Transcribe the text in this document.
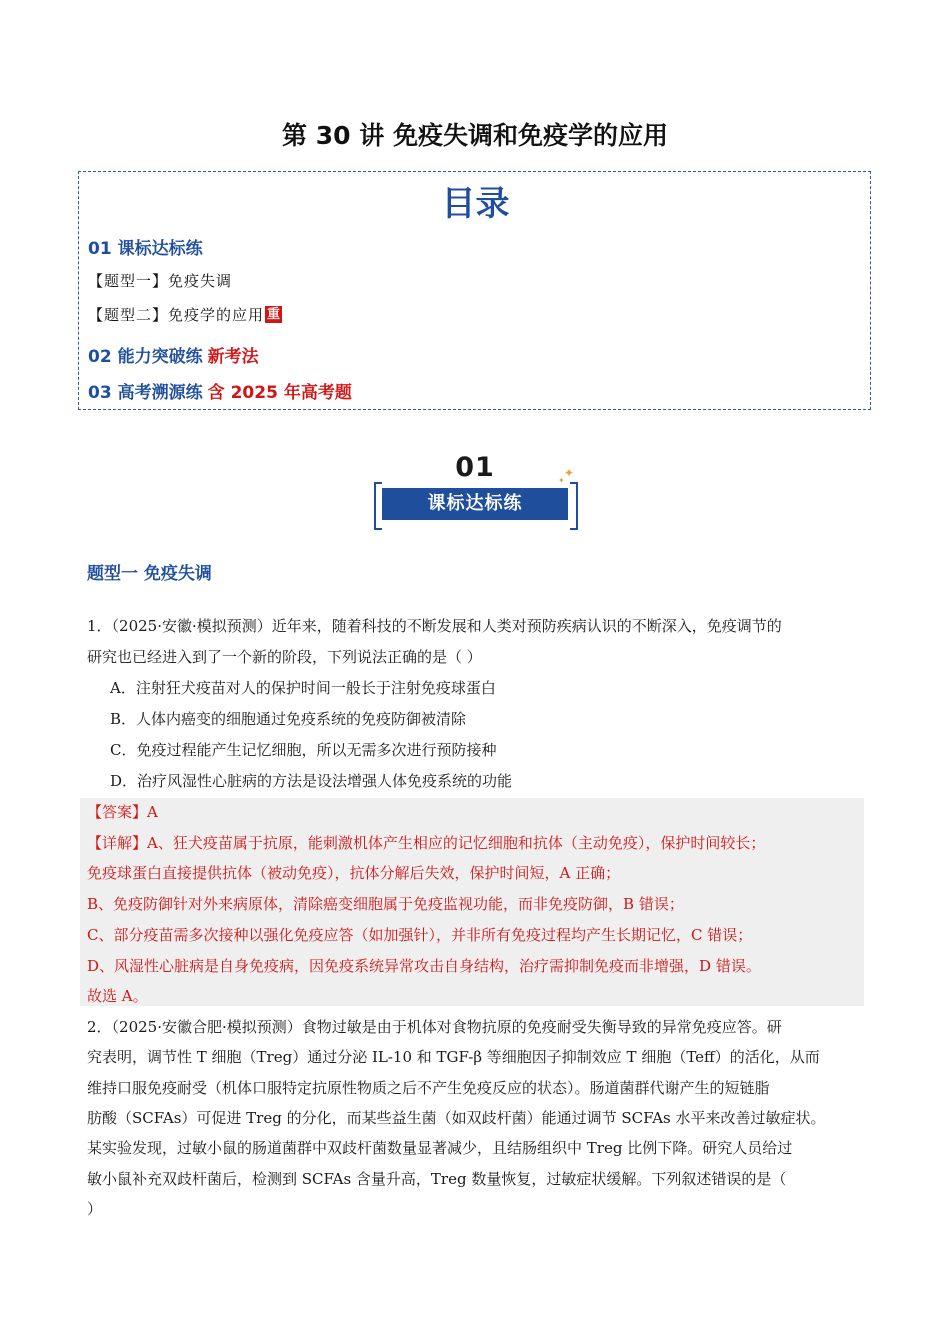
第 30 讲 免疫失调和免疫学的应用
目录
01 课标达标练
【题型一】免疫失调
【题型二】免疫学的应用 重
02 能力突破练 新考法
03 高考溯源练 含 2025 年高考题
01
课标达标练
✦
✦
题型一 免疫失调
1．（2025·安徽·模拟预测）近年来，随着科技的不断发展和人类对预防疾病认识的不断深入，免疫调节的
研究也已经进入到了一个新的阶段，下列说法正确的是（ ）
A．注射狂犬疫苗对人的保护时间一般长于注射免疫球蛋白
B．人体内癌变的细胞通过免疫系统的免疫防御被清除
C．免疫过程能产生记忆细胞，所以无需多次进行预防接种
D．治疗风湿性心脏病的方法是设法增强人体免疫系统的功能
【答案】A
【详解】A、狂犬疫苗属于抗原，能刺激机体产生相应的记忆细胞和抗体（主动免疫），保护时间较长；
免疫球蛋白直接提供抗体（被动免疫），抗体分解后失效，保护时间短，A 正确；
B、免疫防御针对外来病原体，清除癌变细胞属于免疫监视功能，而非免疫防御，B 错误；
C、部分疫苗需多次接种以强化免疫应答（如加强针），并非所有免疫过程均产生长期记忆，C 错误；
D、风湿性心脏病是自身免疫病，因免疫系统异常攻击自身结构，治疗需抑制免疫而非增强，D 错误。
故选 A。
2．（2025·安徽合肥·模拟预测）食物过敏是由于机体对食物抗原的免疫耐受失衡导致的异常免疫应答。研
究表明，调节性 T 细胞（Treg）通过分泌 IL-10 和 TGF-β 等细胞因子抑制效应 T 细胞（Teff）的活化，从而
维持口服免疫耐受（机体口服特定抗原性物质之后不产生免疫反应的状态）。肠道菌群代谢产生的短链脂
肪酸（SCFAs）可促进 Treg 的分化，而某些益生菌（如双歧杆菌）能通过调节 SCFAs 水平来改善过敏症状。
某实验发现，过敏小鼠的肠道菌群中双歧杆菌数量显著减少，且结肠组织中 Treg 比例下降。研究人员给过
敏小鼠补充双歧杆菌后，检测到 SCFAs 含量升高，Treg 数量恢复，过敏症状缓解。下列叙述错误的是（
）
